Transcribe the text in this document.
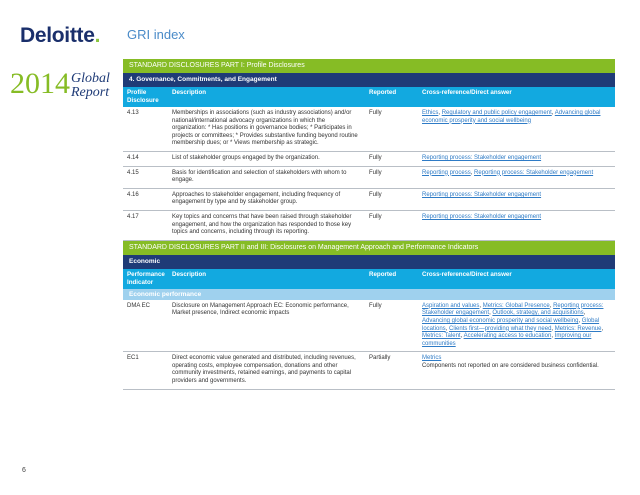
Deloitte. GRI index
2014 Global
Report
STANDARD DISCLOSURES PART I: Profile Disclosures
4. Governance, Commitments, and Engagement
Profile Disclosure	Description	Reported	Cross-reference/Direct answer
4.13	Memberships in associations (such as industry associations) and/or national/international advocacy organizations in which the organization: * Has positions in governance bodies; * Participates in projects or committees; * Provides substantive funding beyond routine membership dues; or * Views membership as strategic.	Fully	Ethics, Regulatory and public policy engagement, Advancing global economic prosperity and social wellbeing
4.14	List of stakeholder groups engaged by the organization.	Fully	Reporting process: Stakeholder engagement
4.15	Basis for identification and selection of stakeholders with whom to engage.	Fully	Reporting process, Reporting process: Stakeholder engagement
4.16	Approaches to stakeholder engagement, including frequency of engagement by type and by stakeholder group.	Fully	Reporting process: Stakeholder engagement
4.17	Key topics and concerns that have been raised through stakeholder engagement, and how the organization has responded to those key topics and concerns, including through its reporting.	Fully	Reporting process: Stakeholder engagement
STANDARD DISCLOSURES PART II and III: Disclosures on Management Approach and Performance Indicators
Economic
Performance Indicator	Description	Reported	Cross-reference/Direct answer
Economic performance
DMA EC	Disclosure on Management Approach EC: Economic performance, Market presence, Indirect economic impacts	Fully	Aspiration and values, Metrics: Global Presence, Reporting process: Stakeholder engagement, Outlook, strategy, and acquisitions, Advancing global economic prosperity and social wellbeing, Global locations, Clients first—providing what they need, Metrics: Revenue, Metrics: Talent, Accelerating access to education, Improving our communities
EC1	Direct economic value generated and distributed, including revenues, operating costs, employee compensation, donations and other community investments, retained earnings, and payments to capital providers and governments.	Partially	Metrics
Components not reported on are considered business confidential.
6
